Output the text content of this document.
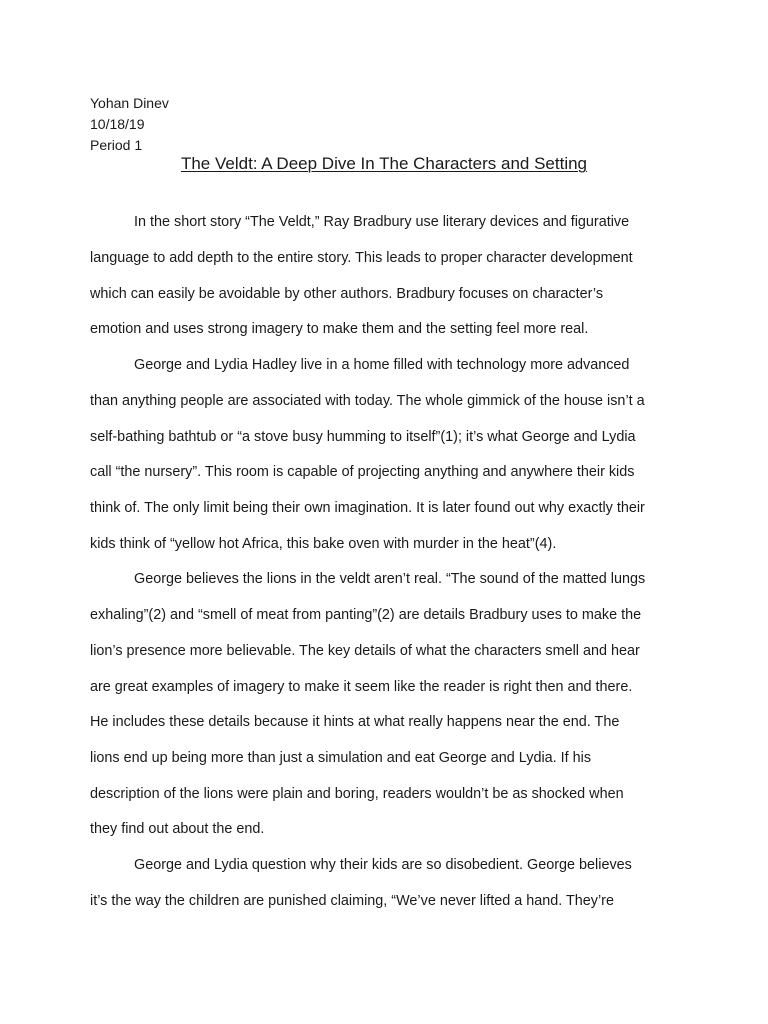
Yohan Dinev
10/18/19
Period 1
The Veldt: A Deep Dive In The Characters and Setting
In the short story “The Veldt,” Ray Bradbury use literary devices and figurative
language to add depth to the entire story. This leads to proper character development
which can easily be avoidable by other authors. Bradbury focuses on character’s
emotion and uses strong imagery to make them and the setting feel more real.
George and Lydia Hadley live in a home filled with technology more advanced
than anything people are associated with today. The whole gimmick of the house isn’t a
self-bathing bathtub or “a stove busy humming to itself”(1); it’s what George and Lydia
call “the nursery”. This room is capable of projecting anything and anywhere their kids
think of. The only limit being their own imagination. It is later found out why exactly their
kids think of “yellow hot Africa, this bake oven with murder in the heat”(4).
George believes the lions in the veldt aren’t real. “The sound of the matted lungs
exhaling”(2) and “smell of meat from panting”(2) are details Bradbury uses to make the
lion’s presence more believable. The key details of what the characters smell and hear
are great examples of imagery to make it seem like the reader is right then and there.
He includes these details because it hints at what really happens near the end. The
lions end up being more than just a simulation and eat George and Lydia. If his
description of the lions were plain and boring, readers wouldn’t be as shocked when
they find out about the end.
George and Lydia question why their kids are so disobedient. George believes
it’s the way the children are punished claiming, “We’ve never lifted a hand. They’re
